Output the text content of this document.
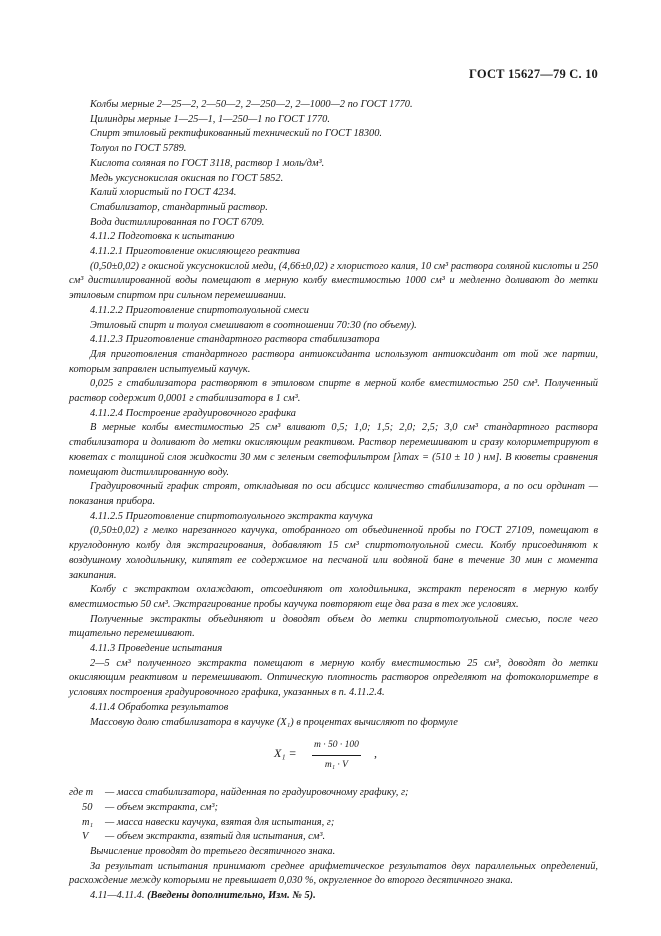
ГОСТ 15627—79 С. 10
Колбы мерные 2—25—2, 2—50—2, 2—250—2, 2—1000—2 по ГОСТ 1770.
Цилиндры мерные 1—25—1, 1—250—1 по ГОСТ 1770.
Спирт этиловый ректификованный технический по ГОСТ 18300.
Толуол по ГОСТ 5789.
Кислота соляная по ГОСТ 3118, раствор 1 моль/дм³.
Медь уксуснокислая окисная по ГОСТ 5852.
Калий хлористый по ГОСТ 4234.
Стабилизатор, стандартный раствор.
Вода дистиллированная по ГОСТ 6709.
4.11.2 Подготовка к испытанию
4.11.2.1 Приготовление окисляющего реактива
(0,50±0,02) г окисной уксуснокислой меди, (4,66±0,02) г хлористого калия, 10 см³ раствора соляной кислоты и 250 см³ дистиллированной воды помещают в мерную колбу вместимостью 1000 см³ и медленно доливают до метки этиловым спиртом при сильном перемешивании.
4.11.2.2 Приготовление спиртотолуольной смеси
Этиловый спирт и толуол смешивают в соотношении 70:30 (по объему).
4.11.2.3 Приготовление стандартного раствора стабилизатора
Для приготовления стандартного раствора антиоксиданта используют антиоксидант от той же партии, которым заправлен испытуемый каучук.
0,025 г стабилизатора растворяют в этиловом спирте в мерной колбе вместимостью 250 см³. Полученный раствор содержит 0,0001 г стабилизатора в 1 см³.
4.11.2.4 Построение градуировочного графика
В мерные колбы вместимостью 25 см³ вливают 0,5; 1,0; 1,5; 2,0; 2,5; 3,0 см³ стандартного раствора стабилизатора и доливают до метки окисляющим реактивом. Раствор перемешивают и сразу колориметрируют в кюветах с толщиной слоя жидкости 30 мм с зеленым светофильтром [λmax = (510 ± 10 ) нм]. В кюветы сравнения помещают дистиллированную воду.
Градуировочный график строят, откладывая по оси абсцисс количество стабилизатора, а по оси ординат — показания прибора.
4.11.2.5 Приготовление спиртотолуольного экстракта каучука
(0,50±0,02) г мелко нарезанного каучука, отобранного от объединенной пробы по ГОСТ 27109, помещают в круглодонную колбу для экстрагирования, добавляют 15 см³ спиртотолуольной смеси. Колбу присоединяют к воздушному холодильнику, кипятят ее содержимое на песчаной или водяной бане в течение 30 мин с момента закипания.
Колбу с экстрактом охлаждают, отсоединяют от холодильника, экстракт переносят в мерную колбу вместимостью 50 см³. Экстрагирование пробы каучука повторяют еще два раза в тех же условиях.
Полученные экстракты объединяют и доводят объем до метки спиртотолуольной смесью, после чего тщательно перемешивают.
4.11.3 Проведение испытания
2—5 см³ полученного экстракта помещают в мерную колбу вместимостью 25 см³, доводят до метки окисляющим реактивом и перемешивают. Оптическую плотность растворов определяют на фотоколориметре в условиях построения градуировочного графика, указанных в п. 4.11.2.4.
4.11.4 Обработка результатов
Массовую долю стабилизатора в каучуке (X₁) в процентах вычисляют по формуле
$X_1 = \frac{m \cdot 50 \cdot 100}{\text{m₁ · V}}$ ,
где m — масса стабилизатора, найденная по градуировочному графику, г;
50 — объем экстракта, см³;
m₁ — масса навески каучука, взятая для испытания, г;
V — объем экстракта, взятый для испытания, см³.
Вычисление проводят до третьего десятичного знака.
За результат испытания принимают среднее арифметическое результатов двух параллельных определений, расхождение между которыми не превышает 0,030 %, округленное до второго десятичного знака.
4.11—4.11.4. (Введены дополнительно, Изм. № 5).
